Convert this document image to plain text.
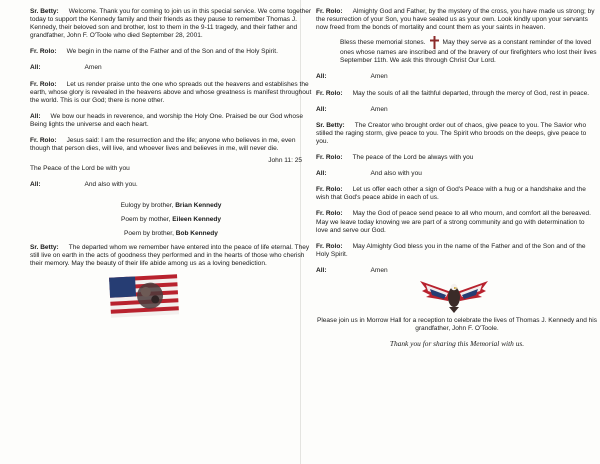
Sr. Betty: Welcome. Thank you for coming to join us in this special service. We come together today to support the Kennedy family and their friends as they pause to remember Thomas J. Kennedy, their beloved son and brother, lost to them in the 9-11 tragedy, and their father and grandfather, John F. O'Toole who died September 28, 2001.

Fr. Rolo: We begin in the name of the Father and of the Son and of the Holy Spirit.

All:	Amen

Fr. Rolo: Let us render praise unto the one who spreads out the heavens and establishes the earth, whose glory is revealed in the heavens above and whose greatness is manifest throughout the world. This is our God; there is none other.

All: We bow our heads in reverence, and worship the Holy One. Praised be our God whose Being lights the universe and each heart.

Fr. Rolo: Jesus said: I am the resurrection and the life; anyone who believes in me, even though that person dies, will live, and whoever lives and believes in me, will never die.

John 11: 25

The Peace of the Lord be with you

All:	And also with you.

Eulogy by brother, Brian Kennedy

Poem by mother, Eileen Kennedy

Poem by brother, Bob Kennedy

Sr. Betty: The departed whom we remember have entered into the peace of life eternal. They still live on earth in the acts of goodness they performed and in the hearts of those who cherish their memory. May the beauty of their life abide among us as a loving benediction.

Fr. Rolo: Almighty God and Father, by the mystery of the cross, you have made us strong; by the resurrection of your Son, you have sealed us as your own. Look kindly upon your servants now freed from the bonds of mortality and count them as your saints in heaven.

Bless these memorial stones.	May they serve as a constant reminder of the loved ones whose names are inscribed and of the bravery of our firefighters who lost their lives September 11th. We ask this through Christ Our Lord.

All:	Amen

Fr. Rolo: May the souls of all the faithful departed, through the mercy of God, rest in peace.

All:	Amen

Sr. Betty: The Creator who brought order out of chaos, give peace to you. The Savior who stilled the raging storm, give peace to you. The Spirit who broods on the deeps, give peace to you.

Fr. Rolo: The peace of the Lord be always with you

All:	And also with you

Fr. Rolo: Let us offer each other a sign of God's Peace with a hug or a handshake and the wish that God's peace abide in each of us.

Fr. Rolo: May the God of peace send peace to all who mourn, and comfort all the bereaved. May we leave today knowing we are part of a strong community and go with determination to love and serve our God.

Fr. Rolo: May Almighty God bless you in the name of the Father and of the Son and of the Holy Spirit.

All:	Amen

Please join us in Morrow Hall for a reception to celebrate the lives of Thomas J. Kennedy and his grandfather, John F. O'Toole.

Thank you for sharing this Memorial with us.
